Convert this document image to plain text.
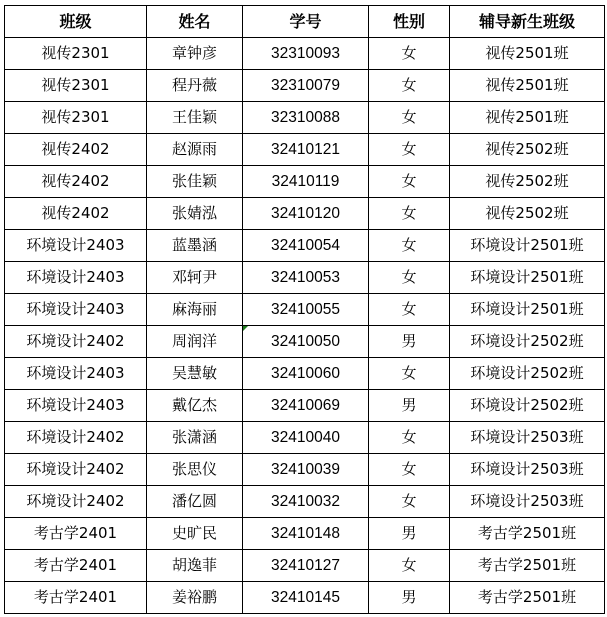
班级	姓名	学号	性别	辅导新生班级
视传2301	章钟彦	32310093	女	视传2501班
视传2301	程丹薇	32310079	女	视传2501班
视传2301	王佳颖	32310088	女	视传2501班
视传2402	赵源雨	32410121	女	视传2502班
视传2402	张佳颖	32410119	女	视传2502班
视传2402	张婧泓	32410120	女	视传2502班
环境设计2403	蓝墨涵	32410054	女	环境设计2501班
环境设计2403	邓轲尹	32410053	女	环境设计2501班
环境设计2403	麻海丽	32410055	女	环境设计2501班
环境设计2402	周润洋	32410050	男	环境设计2502班
环境设计2403	吴慧敏	32410060	女	环境设计2502班
环境设计2403	戴亿杰	32410069	男	环境设计2502班
环境设计2402	张潇涵	32410040	女	环境设计2503班
环境设计2402	张思仪	32410039	女	环境设计2503班
环境设计2402	潘亿圆	32410032	女	环境设计2503班
考古学2401	史旷民	32410148	男	考古学2501班
考古学2401	胡逸菲	32410127	女	考古学2501班
考古学2401	姜裕鹏	32410145	男	考古学2501班
